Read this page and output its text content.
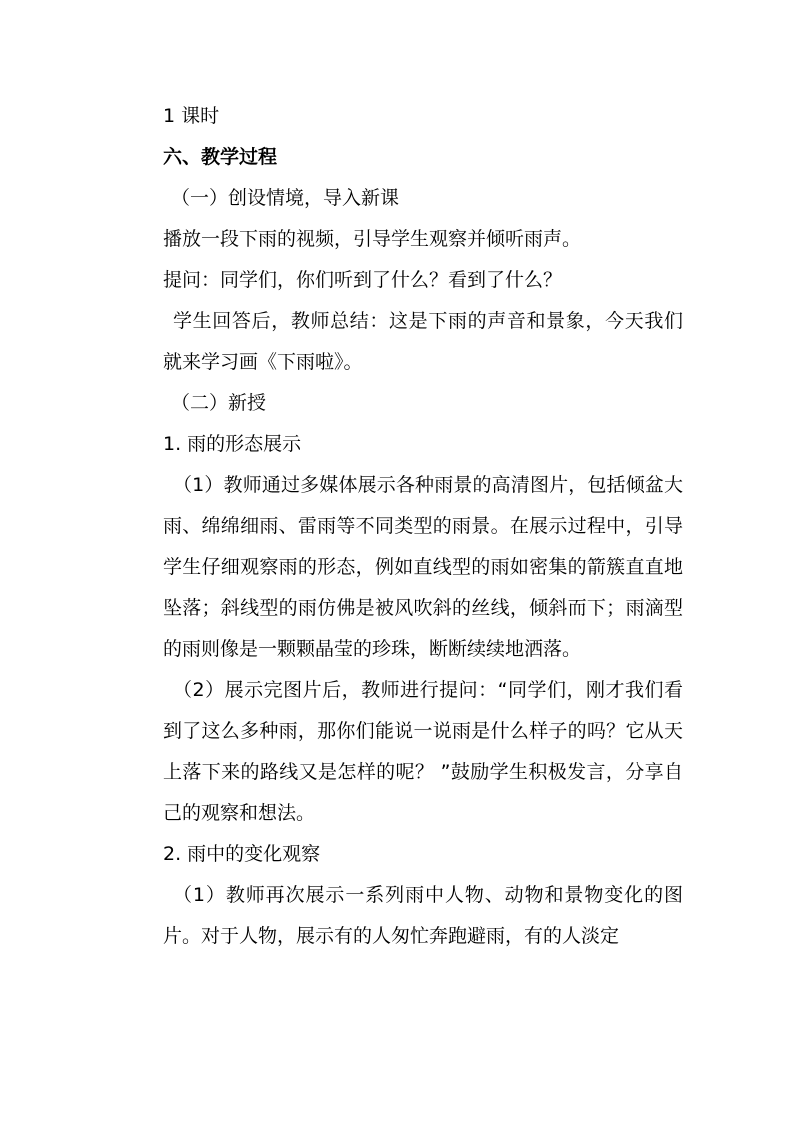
1 课时

六、教学过程

（一）创设情境，导入新课

播放一段下雨的视频，引导学生观察并倾听雨声。

提问：同学们，你们听到了什么？看到了什么？

学生回答后，教师总结：这是下雨的声音和景象，今天我们就来学习画《下雨啦》。

（二）新授

1. 雨的形态展示

（1）教师通过多媒体展示各种雨景的高清图片，包括倾盆大雨、绵绵细雨、雷雨等不同类型的雨景。在展示过程中，引导学生仔细观察雨的形态，例如直线型的雨如密集的箭簇直直地坠落；斜线型的雨仿佛是被风吹斜的丝线，倾斜而下；雨滴型的雨则像是一颗颗晶莹的珍珠，断断续续地洒落。

（2）展示完图片后，教师进行提问：“同学们，刚才我们看到了这么多种雨，那你们能说一说雨是什么样子的吗？它从天上落下来的路线又是怎样的呢？ ”鼓励学生积极发言，分享自己的观察和想法。

2. 雨中的变化观察

（1）教师再次展示一系列雨中人物、动物和景物变化的图片。对于人物，展示有的人匆忙奔跑避雨，有的人淡定
